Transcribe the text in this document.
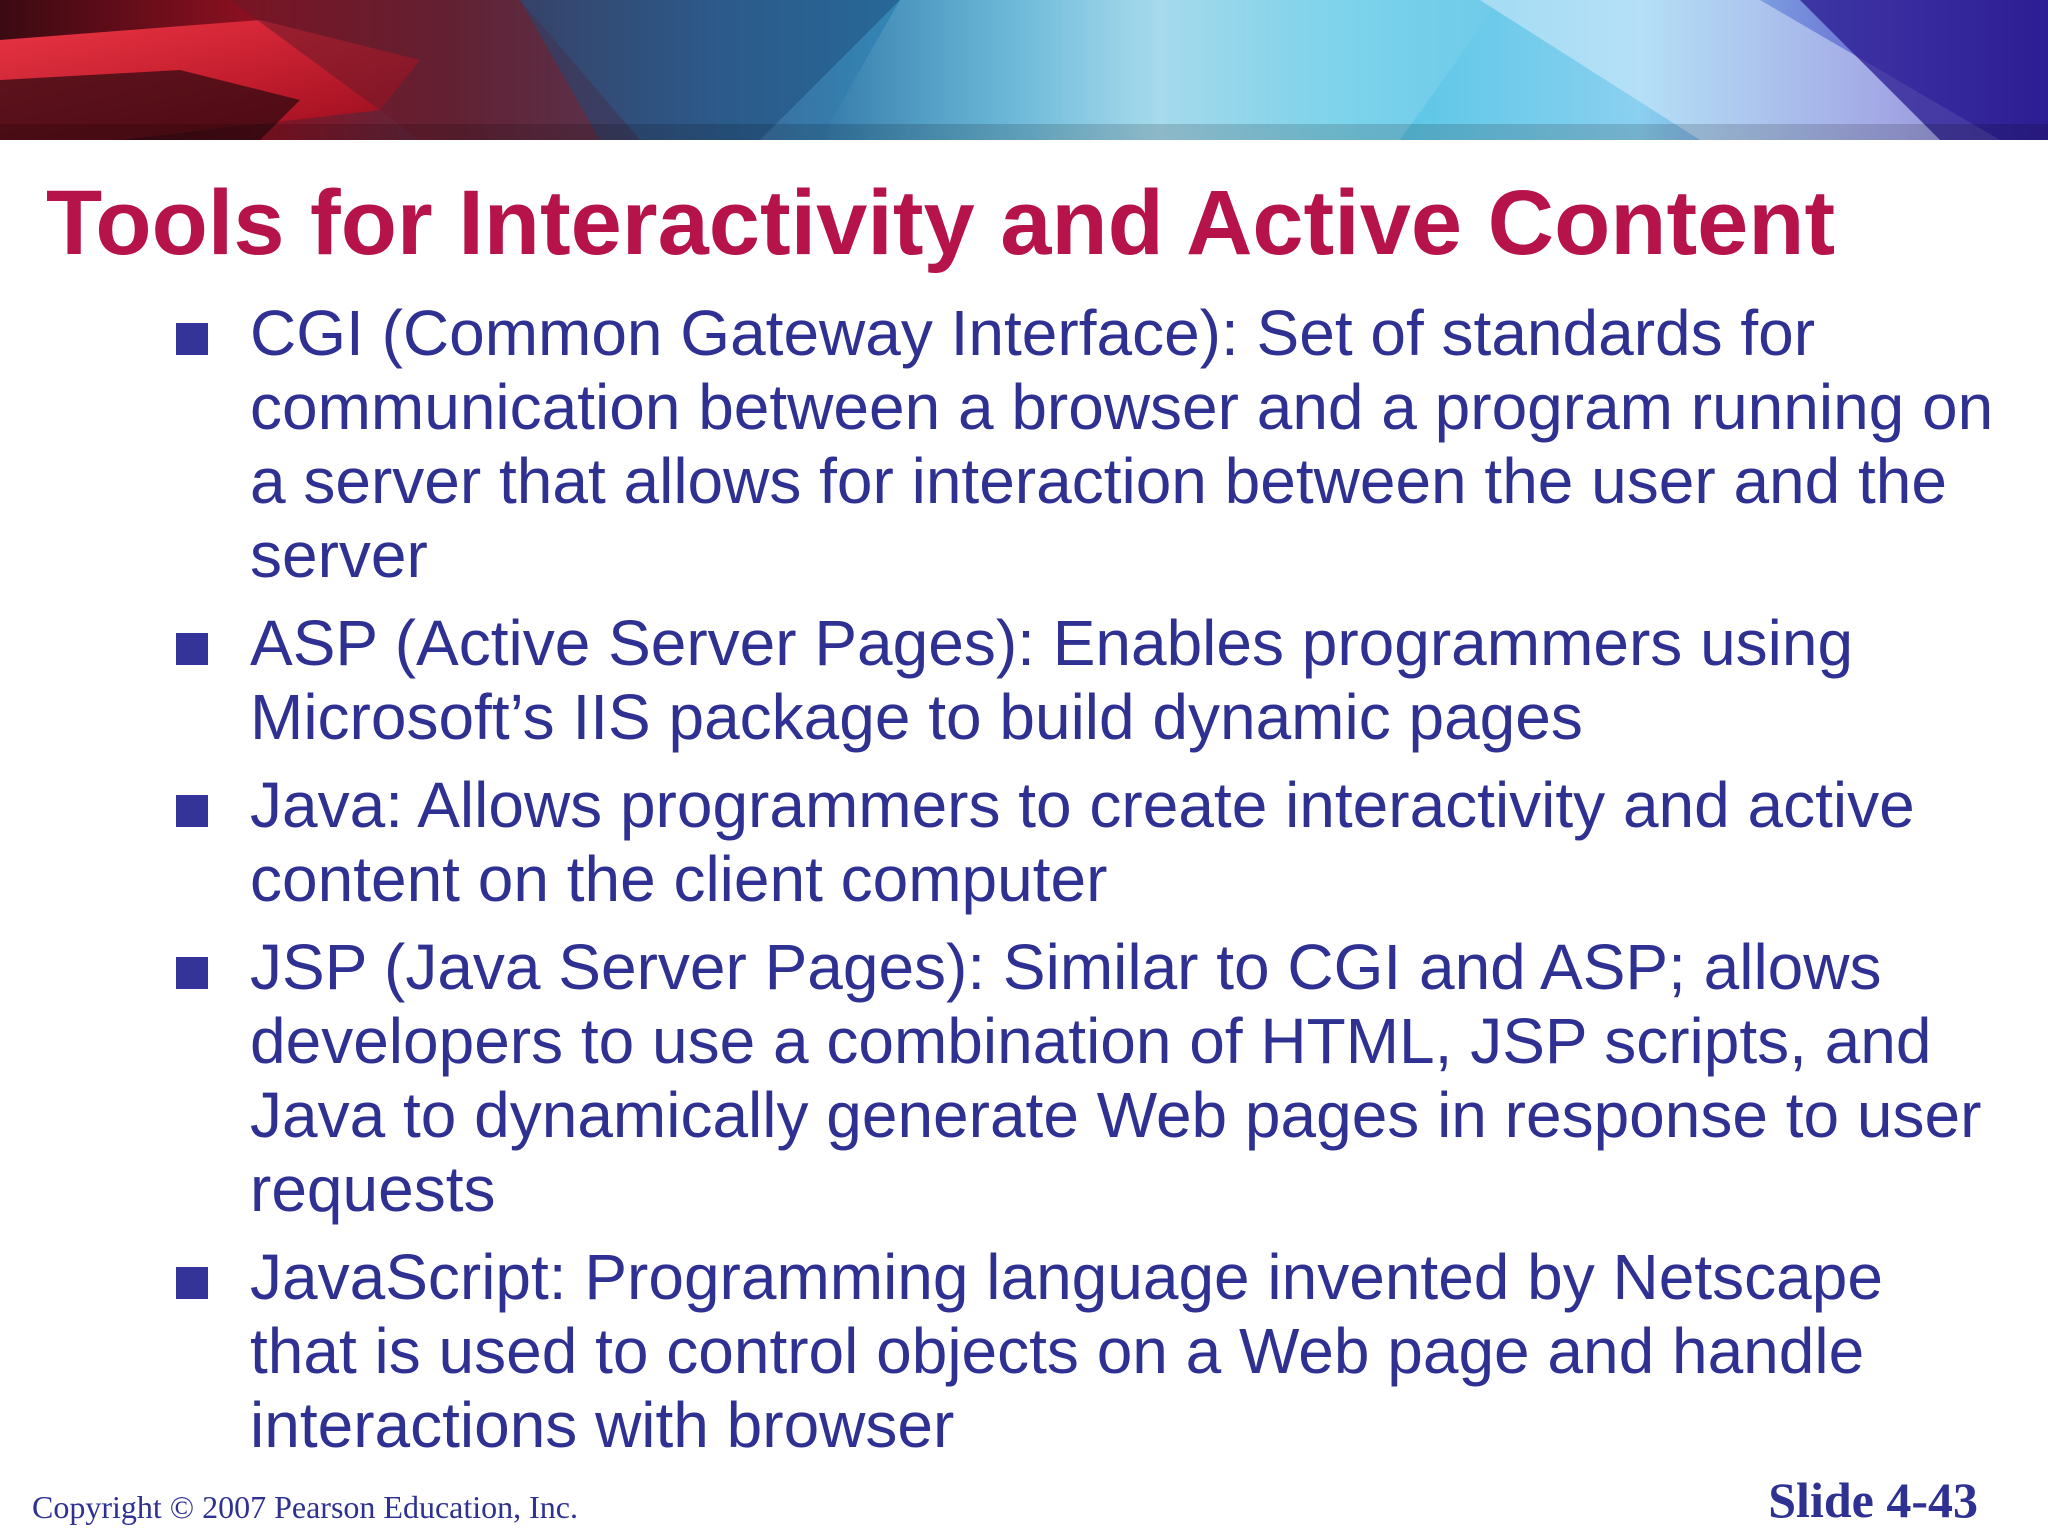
Tools for Interactivity and Active Content
CGI (Common Gateway Interface): Set of standards for communication between a browser and a program running on a server that allows for interaction between the user and the server
ASP (Active Server Pages): Enables programmers using Microsoft’s IIS package to build dynamic pages
Java: Allows programmers to create interactivity and active content on the client computer
JSP (Java Server Pages): Similar to CGI and ASP; allows developers to use a combination of HTML, JSP scripts, and Java to dynamically generate Web pages in response to user requests
JavaScript: Programming language invented by Netscape that is used to control objects on a Web page and handle interactions with browser
Copyright © 2007 Pearson Education, Inc.	Slide 4-43
